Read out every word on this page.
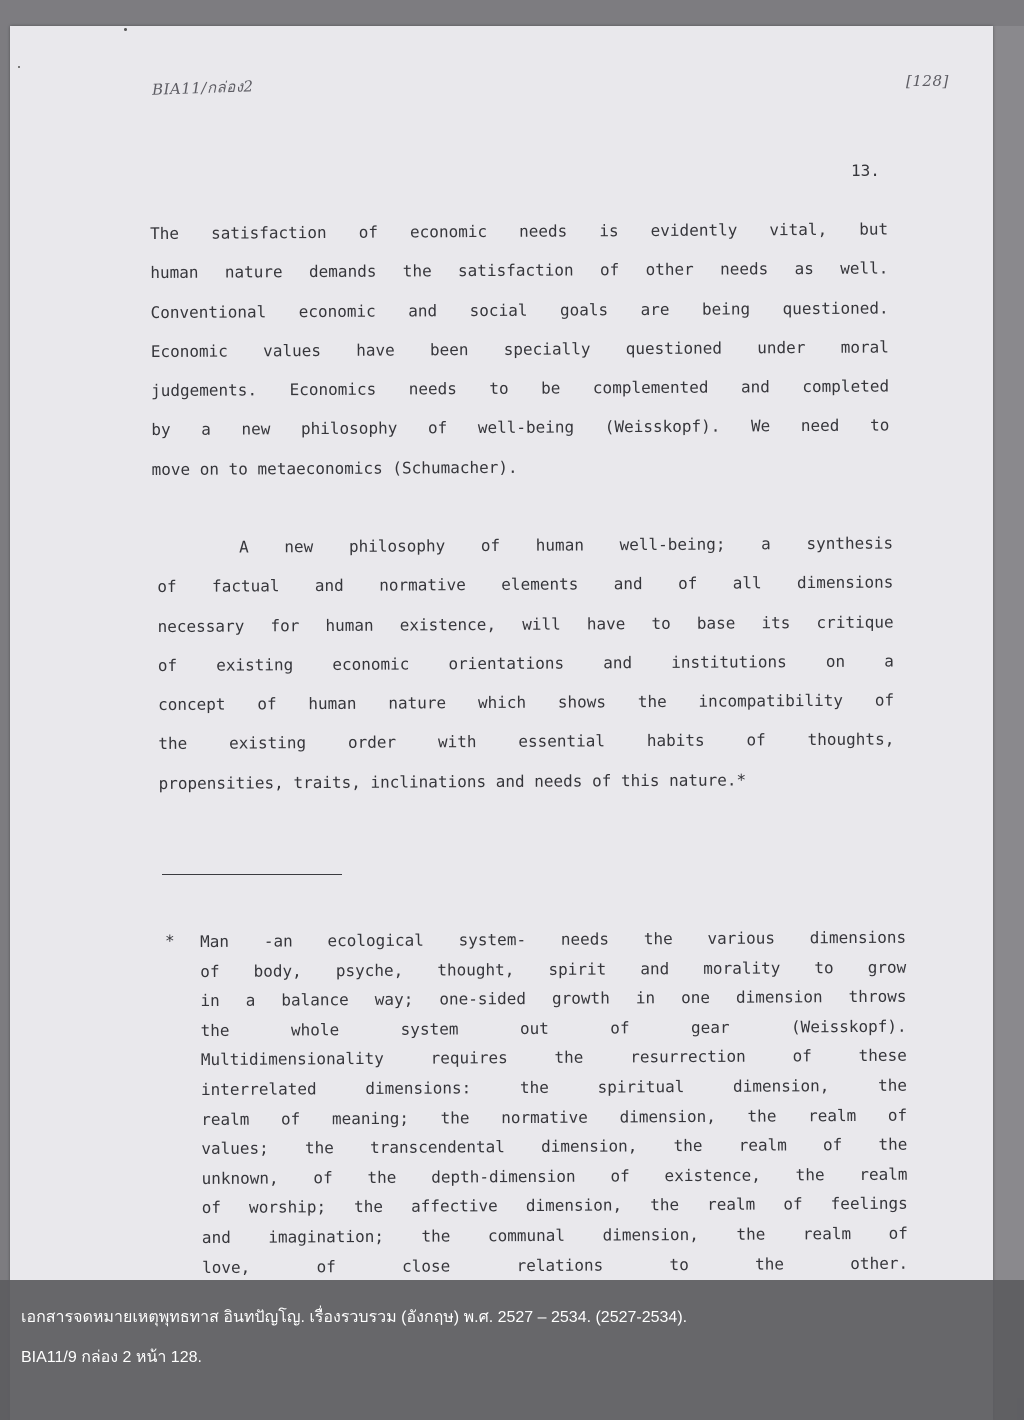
BIA11/กล่อง2	[128]
13.
The satisfaction of economic needs is evidently vital, but
human nature demands the satisfaction of other needs as well.
Conventional economic and social goals are being questioned.
Economic values have been specially questioned under moral
judgements. Economics needs to be complemented and completed
by a new philosophy of well-being (Weisskopf). We need to
move on to metaeconomics (Schumacher).
A new philosophy of human well-being; a synthesis
of factual and normative elements and of all dimensions
necessary for human existence, will have to base its critique
of existing economic orientations and institutions on a
concept of human nature which shows the incompatibility of
the existing order with essential habits of thoughts,
propensities, traits, inclinations and needs of this nature.*
* Man -an ecological system- needs the various dimensions
of body, psyche, thought, spirit and morality to grow
in a balance way; one-sided growth in one dimension throws
the whole system out of gear (Weisskopf).
Multidimensionality requires the resurrection of these
interrelated dimensions: the spiritual dimension, the
realm of meaning; the normative dimension, the realm of
values; the transcendental dimension, the realm of the
unknown, of the depth-dimension of existence, the realm
of worship; the affective dimension, the realm of feelings
and imagination; the communal dimension, the realm of
love, of close relations to the other.
เอกสารจดหมายเหตุพุทธทาส อินทปัญโญ. เรื่องรวบรวม (อังกฤษ) พ.ศ. 2527 – 2534. (2527-2534).
BIA11/9 กล่อง 2 หน้า 128.
